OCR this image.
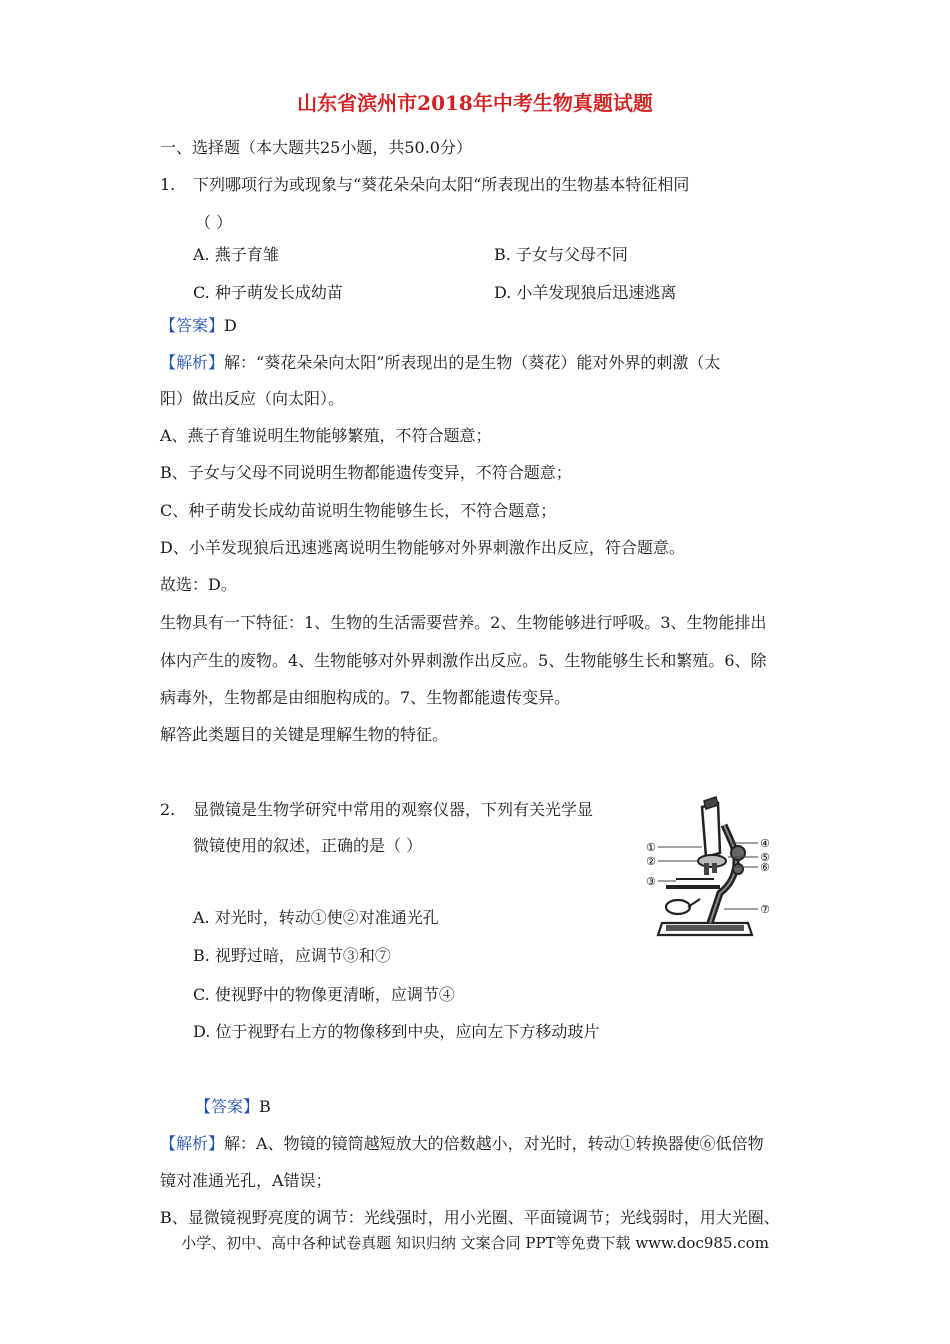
山东省滨州市2018年中考生物真题试题
一、选择题（本大题共25小题，共50.0分）
1. 下列哪项行为或现象与“葵花朵朵向太阳“所表现出的生物基本特征相同
（ ）
A. 燕子育雏	B. 子女与父母不同
C. 种子萌发长成幼苗	D. 小羊发现狼后迅速逃离
【答案】D
【解析】解：“葵花朵朵向太阳”所表现出的是生物（葵花）能对外界的刺激（太
阳）做出反应（向太阳）。
A、燕子育雏说明生物能够繁殖，不符合题意；
B、子女与父母不同说明生物都能遗传变异，不符合题意；
C、种子萌发长成幼苗说明生物能够生长，不符合题意；
D、小羊发现狼后迅速逃离说明生物能够对外界刺激作出反应，符合题意。
故选：D。
生物具有一下特征：1、生物的生活需要营养。2、生物能够进行呼吸。3、生物能排出
体内产生的废物。4、生物能够对外界刺激作出反应。5、生物能够生长和繁殖。6、除
病毒外，生物都是由细胞构成的。7、生物都能遗传变异。
解答此类题目的关键是理解生物的特征。
2. 显微镜是生物学研究中常用的观察仪器，下列有关光学显
微镜使用的叙述，正确的是（ ）
A. 对光时，转动①使②对准通光孔
B. 视野过暗，应调节③和⑦
C. 使视野中的物像更清晰，应调节④
D. 位于视野右上方的物像移到中央，应向左下方移动玻片
①
②
③
④
⑤
⑥
⑦
【答案】B
【解析】解：A、物镜的镜筒越短放大的倍数越小，对光时，转动①转换器使⑥低倍物
镜对准通光孔，A错误；
B、显微镜视野亮度的调节：光线强时，用小光圈、平面镜调节；光线弱时，用大光圈、
小学、初中、高中各种试卷真题 知识归纳 文案合同 PPT等免费下载 www.doc985.com
